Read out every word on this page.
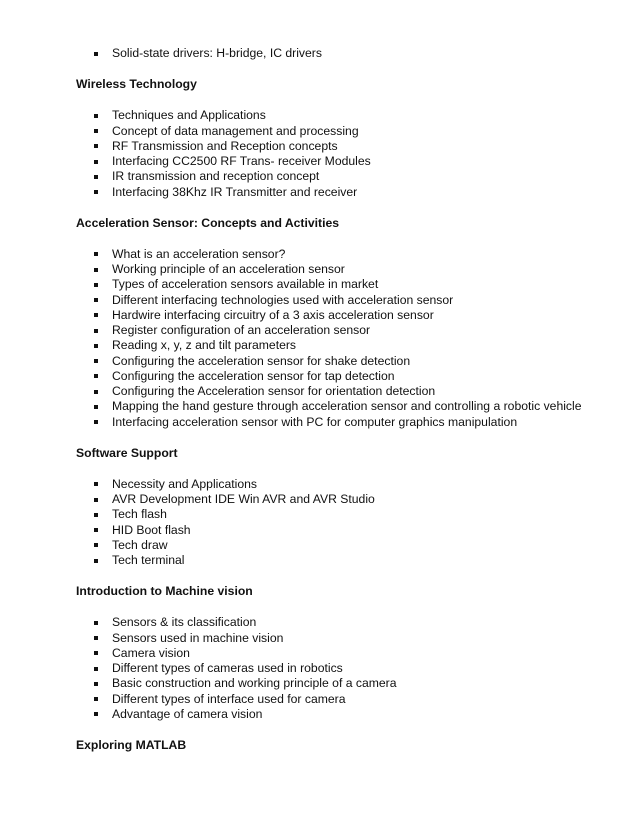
Solid-state drivers: H-bridge, IC drivers
Wireless Technology
Techniques and Applications
Concept of data management and processing
RF Transmission and Reception concepts
Interfacing CC2500 RF Trans- receiver Modules
IR transmission and reception concept
Interfacing 38Khz IR Transmitter and receiver
Acceleration Sensor: Concepts and Activities
What is an acceleration sensor?
Working principle of an acceleration sensor
Types of acceleration sensors available in market
Different interfacing technologies used with acceleration sensor
Hardwire interfacing circuitry of a 3 axis acceleration sensor
Register configuration of an acceleration sensor
Reading x, y, z and tilt parameters
Configuring the acceleration sensor for shake detection
Configuring the acceleration sensor for tap detection
Configuring the Acceleration sensor for orientation detection
Mapping the hand gesture through acceleration sensor and controlling a robotic vehicle
Interfacing acceleration sensor with PC for computer graphics manipulation
Software Support
Necessity and Applications
AVR Development IDE Win AVR and AVR Studio
Tech flash
HID Boot flash
Tech draw
Tech terminal
Introduction to Machine vision
Sensors & its classification
Sensors used in machine vision
Camera vision
Different types of cameras used in robotics
Basic construction and working principle of a camera
Different types of interface used for camera
Advantage of camera vision
Exploring MATLAB
